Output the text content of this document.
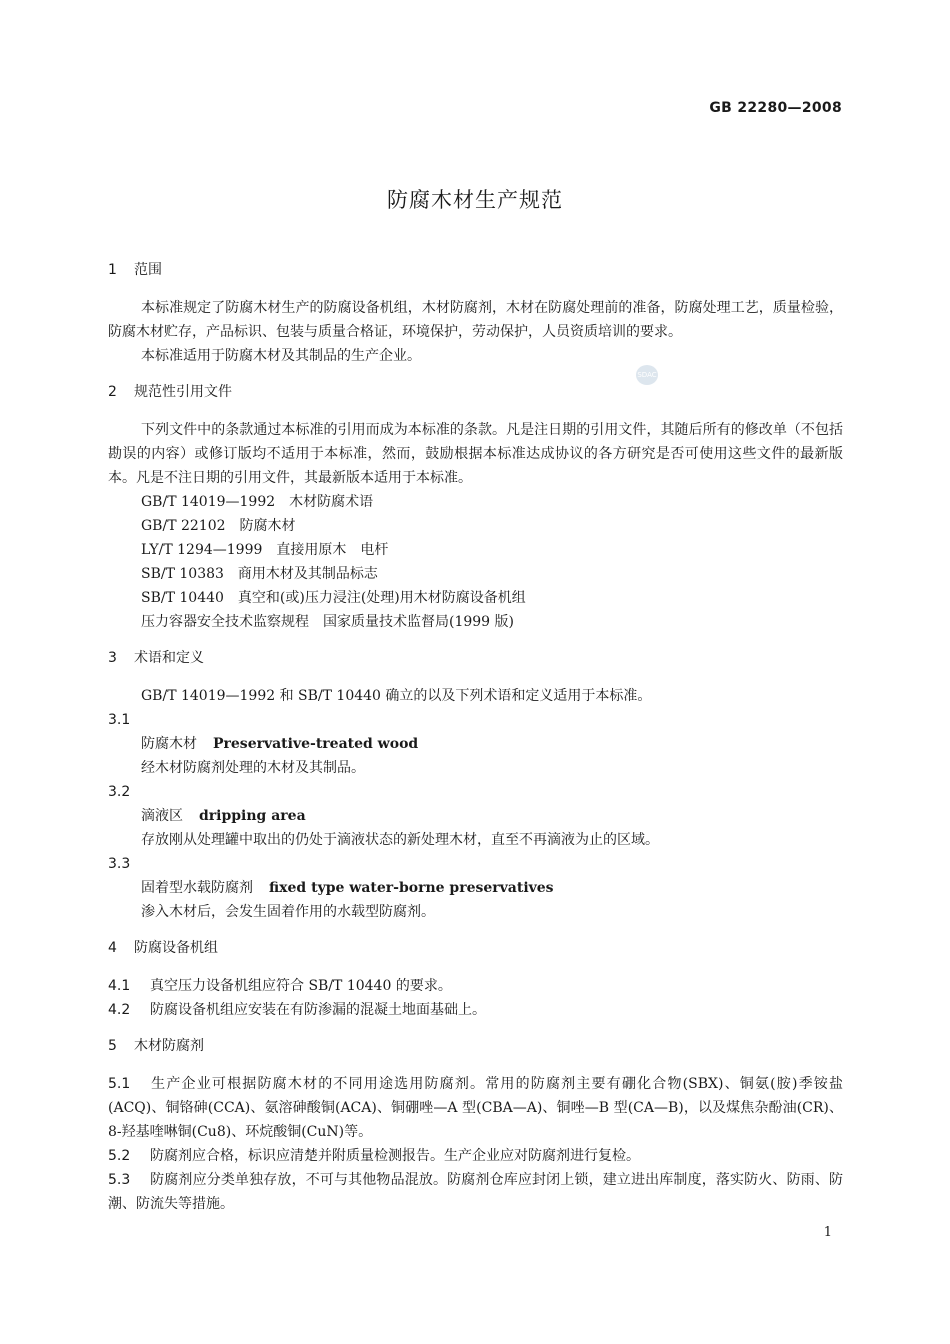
GB 22280—2008
SDAC
防腐木材生产规范
1 范围
本标准规定了防腐木材生产的防腐设备机组，木材防腐剂，木材在防腐处理前的准备，防腐处理工艺，质量检验，防腐木材贮存，产品标识、包装与质量合格证，环境保护，劳动保护，人员资质培训的要求。
本标准适用于防腐木材及其制品的生产企业。
2 规范性引用文件
下列文件中的条款通过本标准的引用而成为本标准的条款。凡是注日期的引用文件，其随后所有的修改单（不包括勘误的内容）或修订版均不适用于本标准，然而，鼓励根据本标准达成协议的各方研究是否可使用这些文件的最新版本。凡是不注日期的引用文件，其最新版本适用于本标准。
GB/T 14019—1992 木材防腐术语
GB/T 22102 防腐木材
LY/T 1294—1999 直接用原木　电杆
SB/T 10383 商用木材及其制品标志
SB/T 10440 真空和(或)压力浸注(处理)用木材防腐设备机组
压力容器安全技术监察规程 国家质量技术监督局(1999 版)
3 术语和定义
GB/T 14019—1992 和 SB/T 10440 确立的以及下列术语和定义适用于本标准。
3.1
防腐木材 Preservative-treated wood
经木材防腐剂处理的木材及其制品。
3.2
滴液区 dripping area
存放刚从处理罐中取出的仍处于滴液状态的新处理木材，直至不再滴液为止的区域。
3.3
固着型水载防腐剂 fixed type water-borne preservatives
渗入木材后，会发生固着作用的水载型防腐剂。
4 防腐设备机组
4.1 真空压力设备机组应符合 SB/T 10440 的要求。
4.2 防腐设备机组应安装在有防渗漏的混凝土地面基础上。
5 木材防腐剂
5.1 生产企业可根据防腐木材的不同用途选用防腐剂。常用的防腐剂主要有硼化合物(SBX)、铜氨(胺)季铵盐(ACQ)、铜铬砷(CCA)、氨溶砷酸铜(ACA)、铜硼唑—A 型(CBA—A)、铜唑—B 型(CA—B)，以及煤焦杂酚油(CR)、8-羟基喹啉铜(Cu8)、环烷酸铜(CuN)等。
5.2 防腐剂应合格，标识应清楚并附质量检测报告。生产企业应对防腐剂进行复检。
5.3 防腐剂应分类单独存放，不可与其他物品混放。防腐剂仓库应封闭上锁，建立进出库制度，落实防火、防雨、防潮、防流失等措施。
1
